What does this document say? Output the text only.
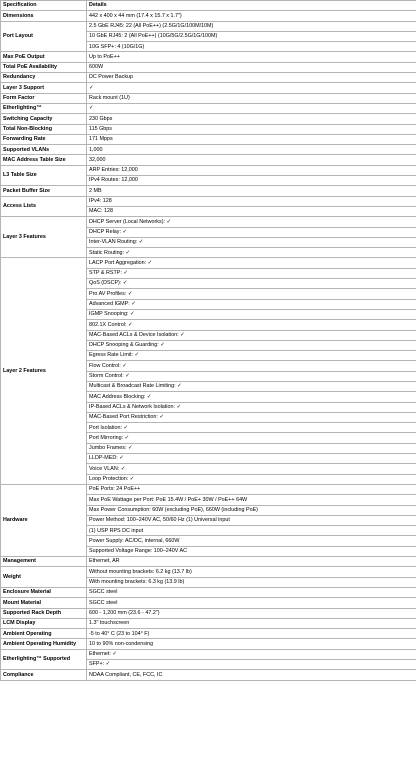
Specification	Details
Dimensions	442 x 400 x 44 mm (17.4 x 15.7 x 1.7")
Port Layout	2.5 GbE RJ45: 22 (All PoE++) (2.5G/1G/100M/10M)
	10 GbE RJ45: 2 (All PoE++) (10G/5G/2.5G/1G/100M)
	10G SFP+: 4 (10G/1G)
Max PoE Output	Up to PoE++
Total PoE Availability	600W
Redundancy	DC Power Backup
Layer 3 Support	✓
Form Factor	Rack mount (1U)
Etherlighting™	✓
Switching Capacity	230 Gbps
Total Non-Blocking	115 Gbps
Forwarding Rate	171 Mpps
Supported VLANs	1,000
MAC Address Table Size	32,000
L3 Table Size	ARP Entries: 12,000
	IPv4 Routes: 12,000
Packet Buffer Size	2 MB
Access Lists	IPv4: 128
	MAC: 128
Layer 3 Features	DHCP Server (Local Networks): ✓
	DHCP Relay: ✓
	Inter-VLAN Routing: ✓
	Static Routing: ✓
Layer 2 Features	LACP Port Aggregation: ✓
	STP & RSTP: ✓
	QoS (DSCP): ✓
	Pro AV Profiles: ✓
	Advanced IGMP: ✓
	IGMP Snooping: ✓
	802.1X Control: ✓
	MAC-Based ACLs & Device Isolation: ✓
	DHCP Snooping & Guarding: ✓
	Egress Rate Limit: ✓
	Flow Control: ✓
	Storm Control: ✓
	Multicast & Broadcast Rate Limiting: ✓
	MAC Address Blocking: ✓
	IP-Based ACLs & Network Isolation: ✓
	MAC-Based Port Restriction: ✓
	Port Isolation: ✓
	Port Mirroring: ✓
	Jumbo Frames: ✓
	LLDP-MED: ✓
	Voice VLAN: ✓
	Loop Protection: ✓
Hardware	PoE Ports: 24 PoE++
	Max PoE Wattage per Port: PoE 15.4W / PoE+ 30W / PoE++ 64W
	Max Power Consumption: 60W (excluding PoE), 660W (including PoE)
	Power Method: 100–240V AC, 50/60 Hz (1) Universal input
	(1) USP RPS DC input
	Power Supply: AC/DC, internal, 660W
	Supported Voltage Range: 100–240V AC
Management	Ethernet, AR
Weight	Without mounting brackets: 6.2 kg (13.7 lb)
	With mounting brackets: 6.3 kg (13.9 lb)
Enclosure Material	SGCC steel
Mount Material	SGCC steel
Supported Rack Depth	600 - 1,200 mm (23.6 - 47.2")
LCM Display	1.3" touchscreen
Ambient Operating	-5 to 40° C (23 to 104° F)
Ambient Operating Humidity	10 to 90% non-condensing
Etherlighting™ Supported	Ethernet: ✓
	SFP+: ✓
Compliance	NDAA Compliant, CE, FCC, IC
